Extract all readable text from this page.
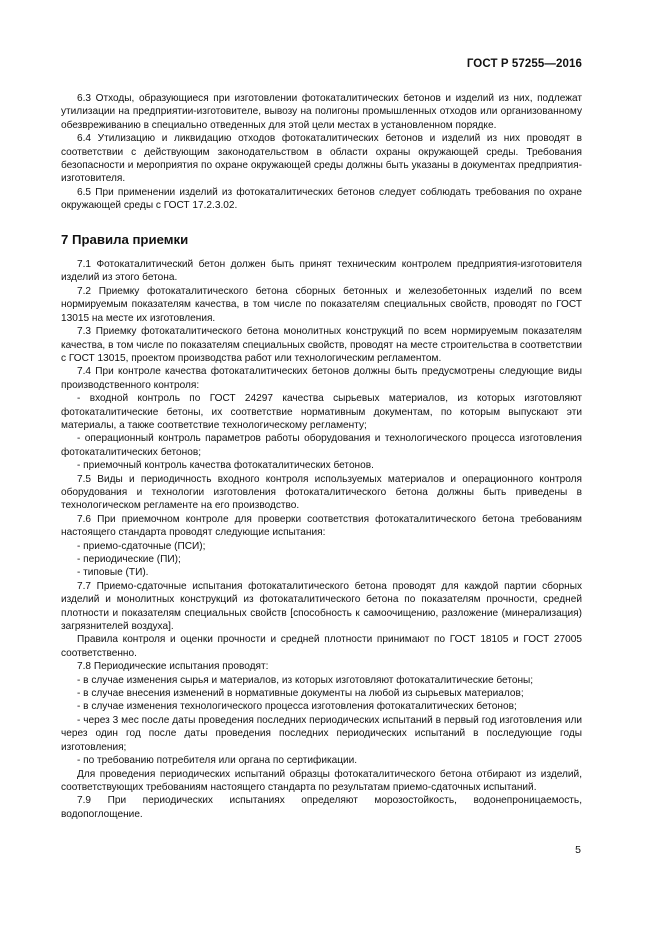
ГОСТ Р 57255—2016

6.3 Отходы, образующиеся при изготовлении фотокаталитических бетонов и изделий из них, подлежат утилизации на предприятии-изготовителе, вывозу на полигоны промышленных отходов или организованному обезвреживанию в специально отведенных для этой цели местах в установленном порядке.

6.4 Утилизацию и ликвидацию отходов фотокаталитических бетонов и изделий из них проводят в соответствии с действующим законодательством в области охраны окружающей среды. Требования безопасности и мероприятия по охране окружающей среды должны быть указаны в документах предприятия-изготовителя.

6.5 При применении изделий из фотокаталитических бетонов следует соблюдать требования по охране окружающей среды с ГОСТ 17.2.3.02.

7 Правила приемки

7.1 Фотокаталитический бетон должен быть принят техническим контролем предприятия-изготовителя изделий из этого бетона.

7.2 Приемку фотокаталитического бетона сборных бетонных и железобетонных изделий по всем нормируемым показателям качества, в том числе по показателям специальных свойств, проводят по ГОСТ 13015 на месте их изготовления.

7.3 Приемку фотокаталитического бетона монолитных конструкций по всем нормируемым показателям качества, в том числе по показателям специальных свойств, проводят на месте строительства в соответствии с ГОСТ 13015, проектом производства работ или технологическим регламентом.

7.4 При контроле качества фотокаталитических бетонов должны быть предусмотрены следующие виды производственного контроля:

- входной контроль по ГОСТ 24297 качества сырьевых материалов, из которых изготовляют фотокаталитические бетоны, их соответствие нормативным документам, по которым выпускают эти материалы, а также соответствие технологическому регламенту;

- операционный контроль параметров работы оборудования и технологического процесса изготовления фотокаталитических бетонов;

- приемочный контроль качества фотокаталитических бетонов.

7.5 Виды и периодичность входного контроля используемых материалов и операционного контроля оборудования и технологии изготовления фотокаталитического бетона должны быть приведены в технологическом регламенте на его производство.

7.6 При приемочном контроле для проверки соответствия фотокаталитического бетона требованиям настоящего стандарта проводят следующие испытания:

- приемо-сдаточные (ПСИ);

- периодические (ПИ);

- типовые (ТИ).

7.7 Приемо-сдаточные испытания фотокаталитического бетона проводят для каждой партии сборных изделий и монолитных конструкций из фотокаталитического бетона по показателям прочности, средней плотности и показателям специальных свойств [способность к самоочищению, разложение (минерализация) загрязнителей воздуха].

Правила контроля и оценки прочности и средней плотности принимают по ГОСТ 18105 и ГОСТ 27005 соответственно.

7.8 Периодические испытания проводят:

- в случае изменения сырья и материалов, из которых изготовляют фотокаталитические бетоны;

- в случае внесения изменений в нормативные документы на любой из сырьевых материалов;

- в случае изменения технологического процесса изготовления фотокаталитических бетонов;

- через 3 мес после даты проведения последних периодических испытаний в первый год изготовления или через один год после даты проведения последних периодических испытаний в последующие годы изготовления;

- по требованию потребителя или органа по сертификации.

Для проведения периодических испытаний образцы фотокаталитического бетона отбирают из изделий, соответствующих требованиям настоящего стандарта по результатам приемо-сдаточных испытаний.

7.9 При периодических испытаниях определяют морозостойкость, водонепроницаемость, водопоглощение.

5
